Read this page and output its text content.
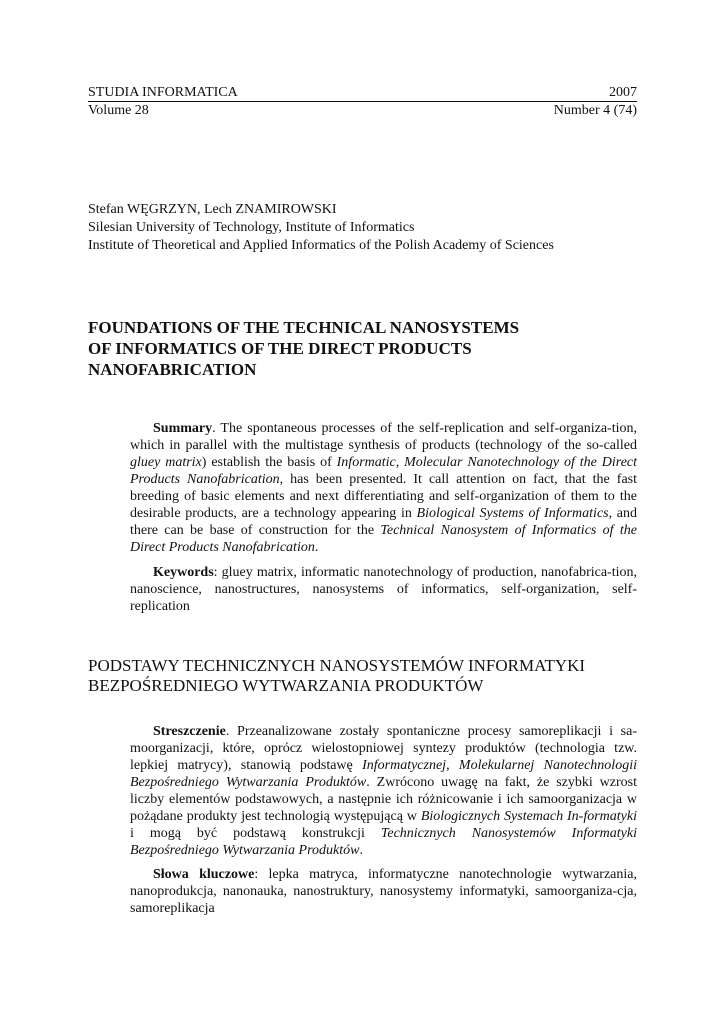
STUDIA INFORMATICA	2007
Volume 28	Number 4 (74)
Stefan WĘGRZYN, Lech ZNAMIROWSKI
Silesian University of Technology, Institute of Informatics
Institute of Theoretical and Applied Informatics of the Polish Academy of Sciences
FOUNDATIONS OF THE TECHNICAL NANOSYSTEMS
OF INFORMATICS OF THE DIRECT PRODUCTS
NANOFABRICATION

Summary. The spontaneous processes of the self-replication and self-organiza-tion, which in parallel with the multistage synthesis of products (technology of the so-called gluey matrix) establish the basis of Informatic, Molecular Nanotechnology of the Direct Products Nanofabrication, has been presented. It call attention on fact, that the fast breeding of basic elements and next differentiating and self-organization of them to the desirable products, are a technology appearing in Biological Systems of Informatics, and there can be base of construction for the Technical Nanosystem of Informatics of the Direct Products Nanofabrication.

Keywords: gluey matrix, informatic nanotechnology of production, nanofabrica-tion, nanoscience, nanostructures, nanosystems of informatics, self-organization, self-replication

PODSTAWY TECHNICZNYCH NANOSYSTEMÓW INFORMATYKI
BEZPOŚREDNIEGO WYTWARZANIA PRODUKTÓW

Streszczenie. Przeanalizowane zostały spontaniczne procesy samoreplikacji i sa-moorganizacji, które, oprócz wielostopniowej syntezy produktów (technologia tzw. lepkiej matrycy), stanowią podstawę Informatycznej, Molekularnej Nanotechnologii Bezpośredniego Wytwarzania Produktów. Zwrócono uwagę na fakt, że szybki wzrost liczby elementów podstawowych, a następnie ich różnicowanie i ich samoorganizacja w pożądane produkty jest technologią występującą w Biologicznych Systemach In-formatyki i mogą być podstawą konstrukcji Technicznych Nanosystemów Informatyki Bezpośredniego Wytwarzania Produktów.

Słowa kluczowe: lepka matryca, informatyczne nanotechnologie wytwarzania, nanoprodukcja, nanonauka, nanostruktury, nanosystemy informatyki, samoorganiza-cja, samoreplikacja
